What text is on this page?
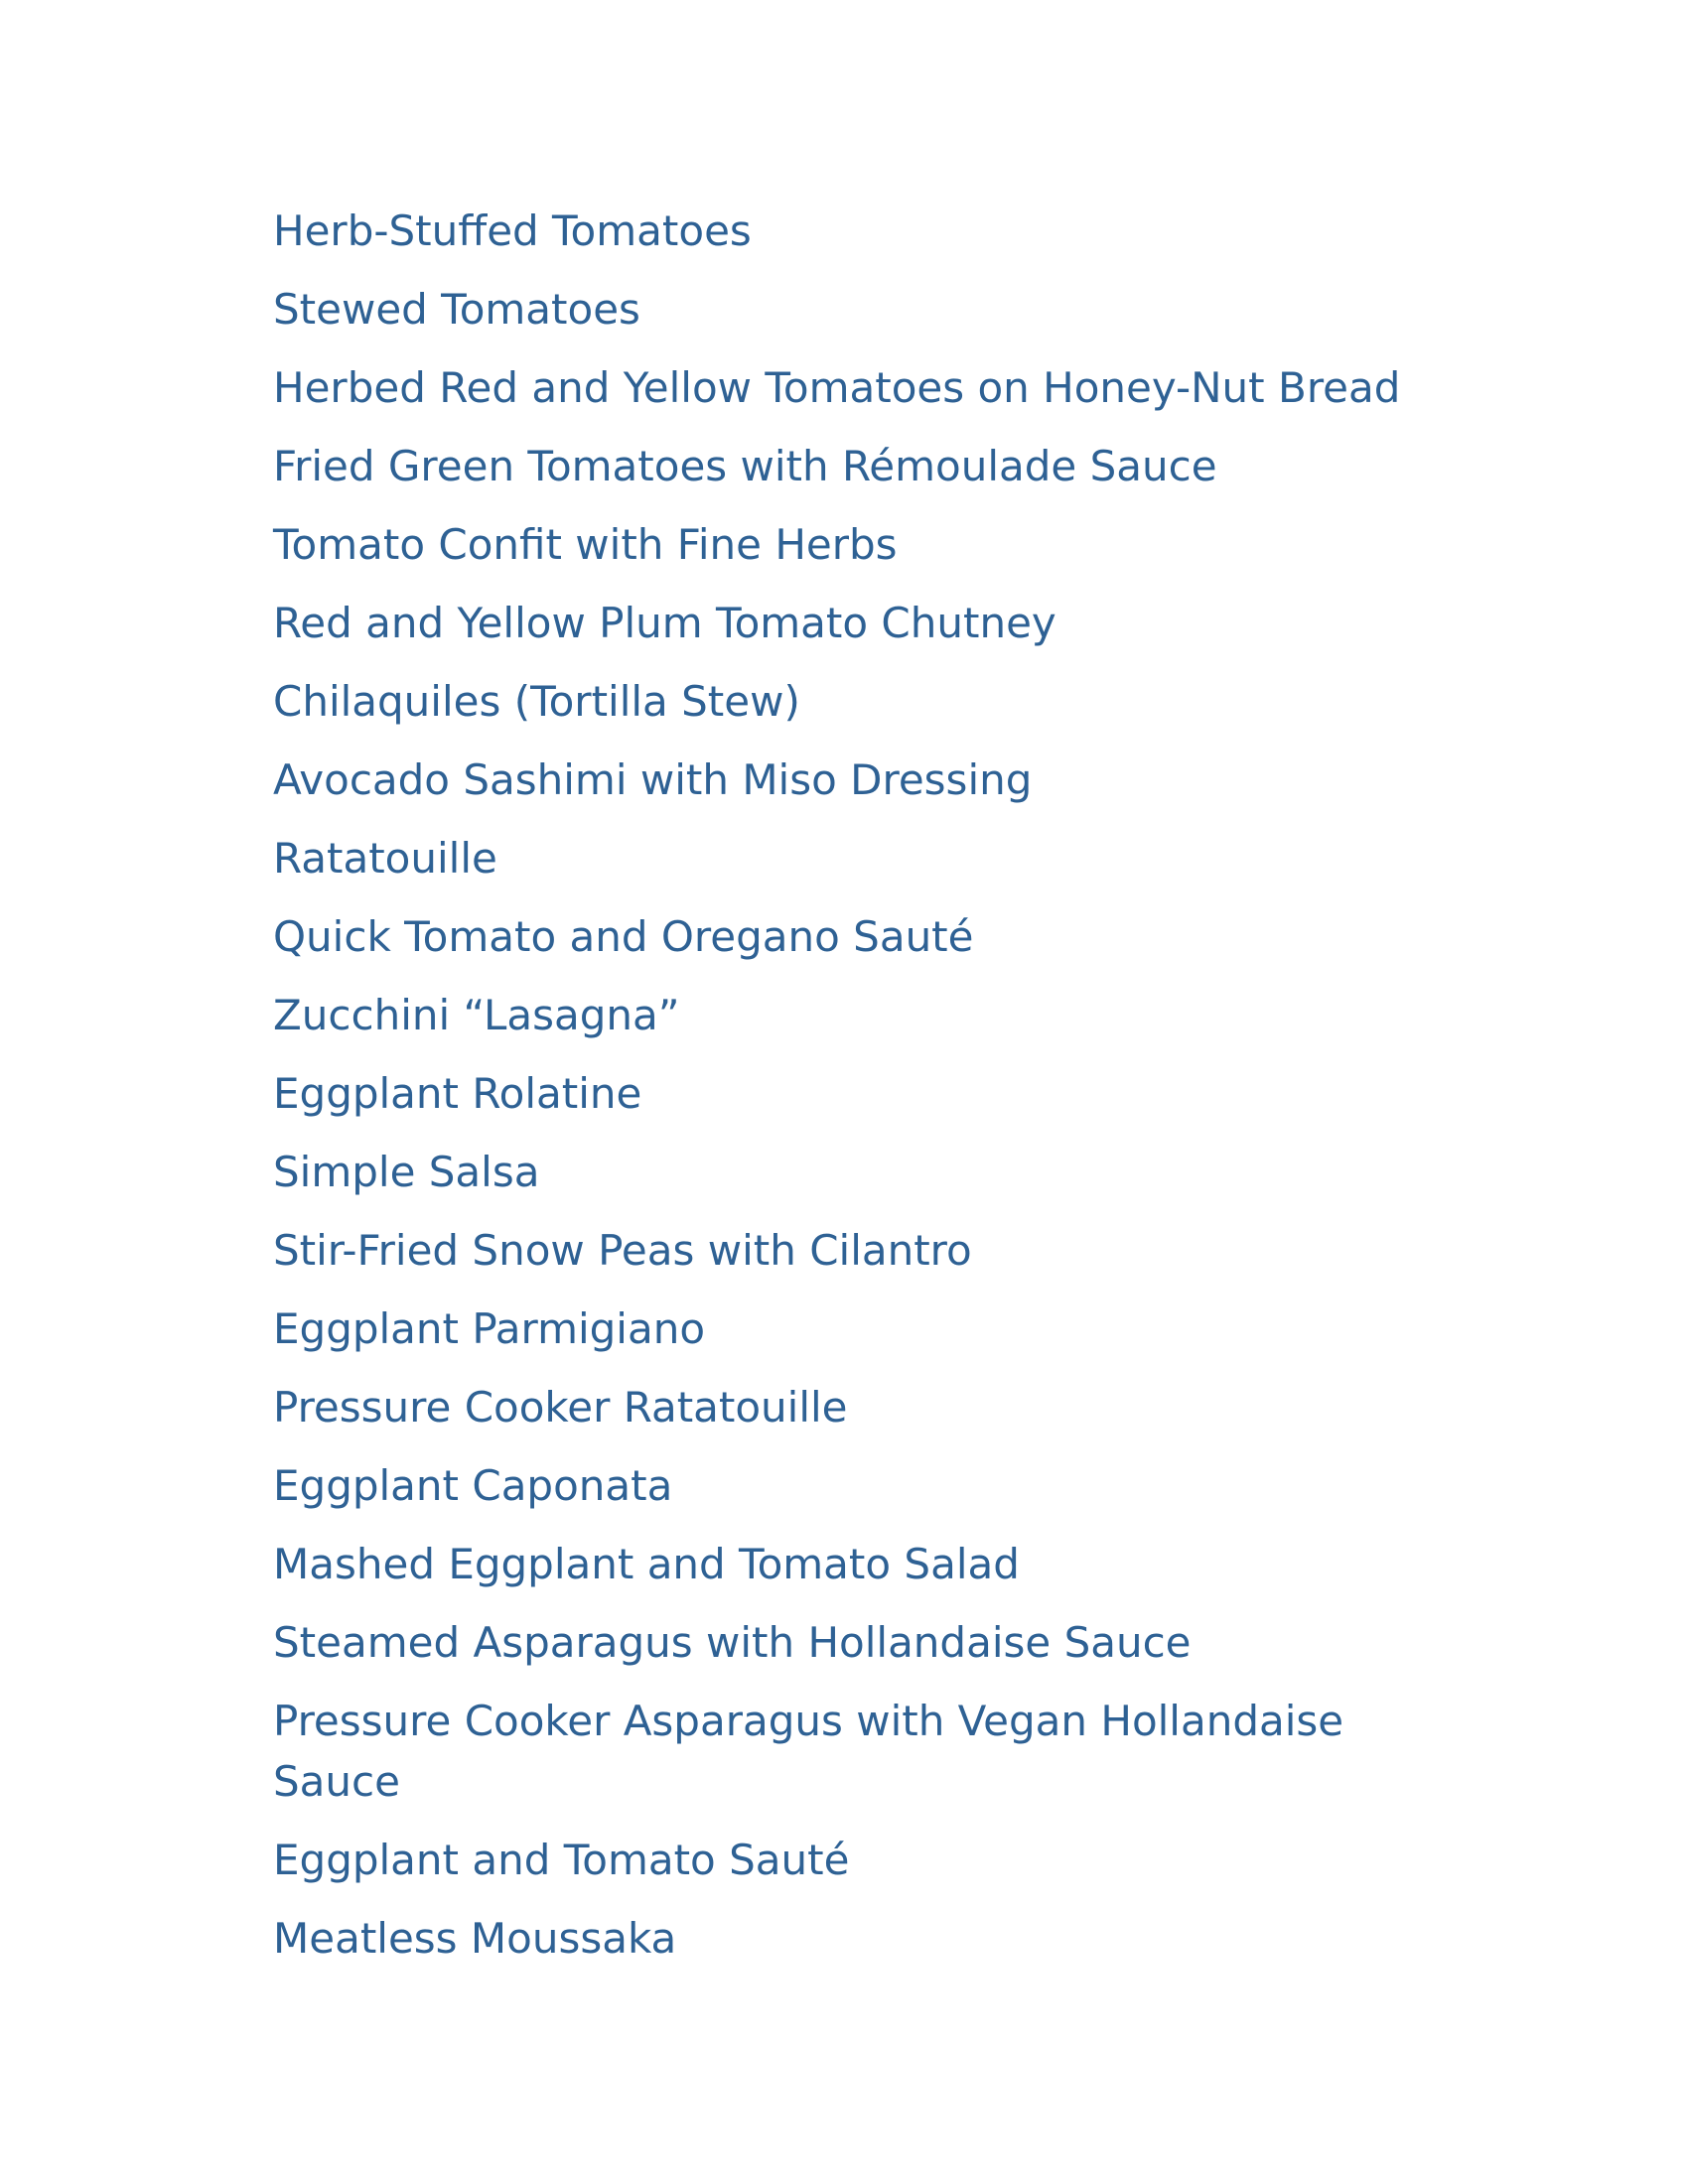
Herb-Stuffed Tomatoes
Stewed Tomatoes
Herbed Red and Yellow Tomatoes on Honey-Nut Bread
Fried Green Tomatoes with Rémoulade Sauce
Tomato Confit with Fine Herbs
Red and Yellow Plum Tomato Chutney
Chilaquiles (Tortilla Stew)
Avocado Sashimi with Miso Dressing
Ratatouille
Quick Tomato and Oregano Sauté
Zucchini “Lasagna”
Eggplant Rolatine
Simple Salsa
Stir-Fried Snow Peas with Cilantro
Eggplant Parmigiano
Pressure Cooker Ratatouille
Eggplant Caponata
Mashed Eggplant and Tomato Salad
Steamed Asparagus with Hollandaise Sauce
Pressure Cooker Asparagus with Vegan Hollandaise Sauce
Eggplant and Tomato Sauté
Meatless Moussaka
